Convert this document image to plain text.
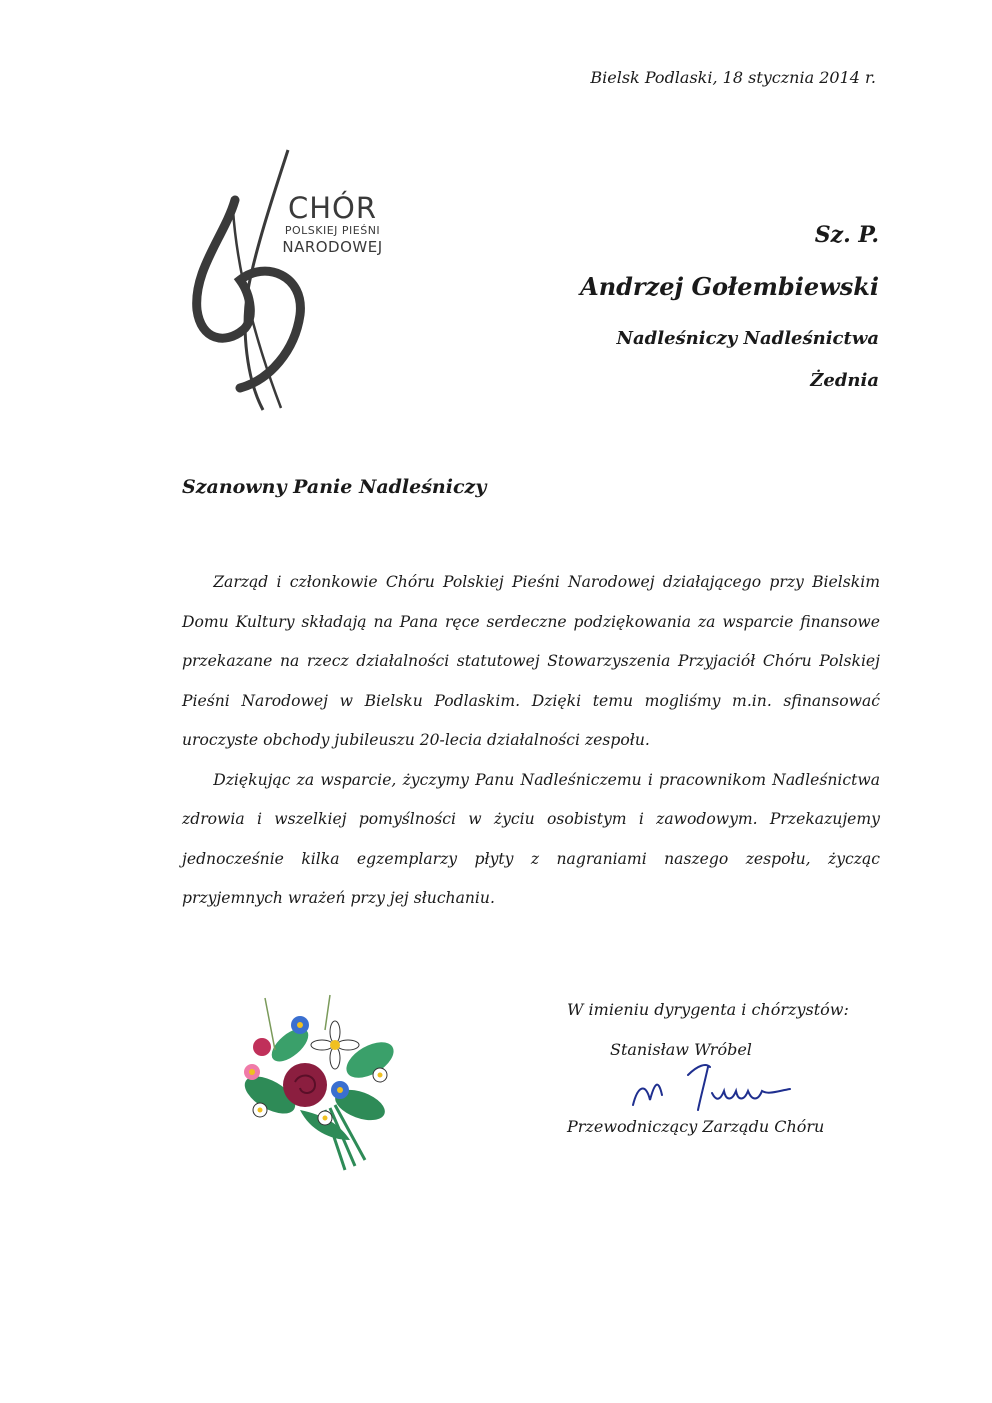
Bielsk Podlaski, 18 stycznia 2014 r.
CHÓR
POLSKIEJ PIEŚNI
NARODOWEJ	Sz. P.
Andrzej Gołembiewski
Nadleśniczy Nadleśnictwa
Żednia
Szanowny Panie Nadleśniczy

Zarząd i członkowie Chóru Polskiej Pieśni Narodowej działającego przy Bielskim Domu Kultury składają na Pana ręce serdeczne podziękowania za wsparcie finansowe przekazane na rzecz działalności statutowej Stowarzyszenia Przyjaciół Chóru Polskiej Pieśni Narodowej w Bielsku Podlaskim. Dzięki temu mogliśmy m.in. sfinansować uroczyste obchody jubileuszu 20-lecia działalności zespołu.

Dziękując za wsparcie, życzymy Panu Nadleśniczemu i pracownikom Nadleśnictwa zdrowia i wszelkiej pomyślności w życiu osobistym i zawodowym. Przekazujemy jednocześnie kilka egzemplarzy płyty z nagraniami naszego zespołu, życząc przyjemnych wrażeń przy jej słuchaniu.

W imieniu dyrygenta i chórzystów:
Stanisław Wróbel
Przewodniczący Zarządu Chóru
